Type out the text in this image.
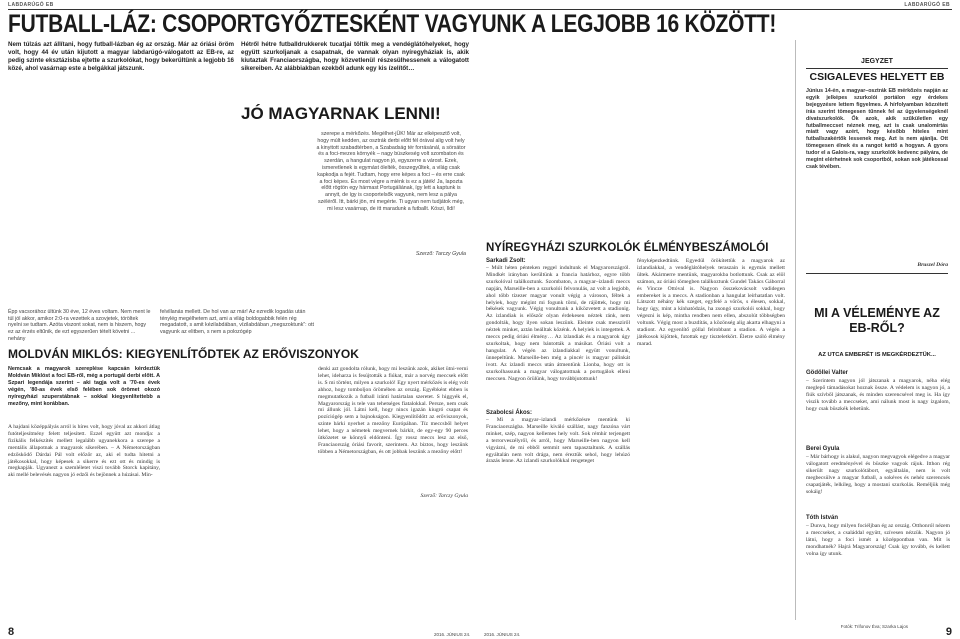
LABDARÚGÓ EB	LABDARÚGÓ EB
FUTBALL-LÁZ: CSOPORTGYŐZTESKÉNT VAGYUNK A LEGJOBB 16 KÖZÖTT!
Nem túlzás azt állítani, hogy futball-lázban ég az ország. Már az óriási öröm volt, hogy 44 év után kijutott a magyar labdarúgó-válogatott az EB-re, az pedig szinte eksztázisba ejtette a szurkolókat, hogy bekerültünk a legjobb 16 közé, ahol vasárnap este a belgákkal játszunk.
Hétről hétre futballdrukkerek tucatjai töltik meg a vendéglátóhelyeket, hogy együtt szurkoljanak a csapatnak, de vannak olyan nyíregyháziak is, akik kiutaztak Franciaországba, hogy közvetlenül részesülhessenek a válogatott sikereiben. Az alábbiakban ezekből adunk egy kis ízelítőt…
JÓ MAGYARNAK LENNI!
szerepe a mérkőzés. Megélhet-jÜK! Már az elképesztő volt, hogy múlt kedden, az osztrák derbi előtt fél órával alig volt hely a kinyitott szabadtérben, a Szabadság tér forrásánál, a sörsátor és a foci-mezes környék – nagy büszkeség volt szombaton és szerdán, a hangulat nagyon jó, egyszerre a várost. Ezek, ismeretlenek is egymást ölelték, összegyűltek, a világ csak kapkodja a fejét. Tudtam, hogy erre képes a foci – és erre csak a foci képes. És most végre a miénk is ez a játék! Ja, lapozta előtt rögtön egy hármast Portugáliának, így lett a kaptunk is annyit, de így is csoportelsők vagyunk, nem lesz a pálya széléről. Itt, bárki jön, mi megérte. Ti ugyan nem tudjátok még, mi lesz vasárnap, de itt maradunk a futballt. Köszi, Ildi!
Szerző: Tarczy Gyula
Épp vacsorához ültünk 30 éve, 12 éves voltam. Nem ment le túl jól akkor, amikor 2:0-ra vezettek a szovjetek, töröltek nyelni se tudtam. Azóta viszont sokat, nem is hiszem, hogy ez az érzés eltűnik, de ezt egyszerűen tételt követni ... nehány
felvillanás mellett. De hol van az már! Az ezredik logadás után ténylég megélhetem azt, ami a világ boldogabbik felén rég megadatott, s amit kézilabdában, vízilabdában „megszoktunk”: ott vagyunk az elitben, s nem a polozógép
MOLDVÁN MIKLÓS: KIEGYENLÍTŐDTEK AZ ERŐVISZONYOK
Nemcsak a magyarok szereplése kapcsán kérdeztük Moldván Miklóst a foci EB-ről, még a portugál derbi előtt. A Szpari legendája szerint – aki tagja volt a '70-es évek végén, '80-as évek első felében sok örömet okozó nyíregyházi szuperstábnak – sokkal kiegyenlítettebb a mezőny, mint korábban.
A hajdani középpályás arról is híres volt, hogy jóval az akkori átlag futóteljesítmény felett teljesített. Ezzel együtt azt mondja: a fizikális felkészítés mellett legalább ugyanekkora a szerepe a mentális állapotnak a magyarok sikerében. – A Németországban edzősködő Dárdai Pál volt előzőr az, aki el tudta hitetni a játékosokkal, hogy képesek a sikerre és ezt ott és mindig is megkapják. Ugyanezt a szemléletet viszi tovább Storck kapitány, aki mellé belevésés nagyon jó edzői és bejönnek a húzásai. Min-
denki azt gondolta rólunk, hogy mi leszünk azok, akiket ütni-verni lehet, ideharza is fesújtották a fiúkat, már a norvég meccsek előtt is. S mi történt, milyen a szurkoló! Egy nyert mérkőzés is elég volt ahhoz, hogy tomboljon örömében az ország. Egyébként ebben is megmutatkozik a futball iránti határtalan szeretet. S higgyék el, Magyarország is tele van tehetséges fiatalokkal. Persze, nem csak mi állunk jól. Látni kell, hogy nincs igazán kiugró csapat és pozíciógép sem a bajnokságon. Kiegyenlítődött az erőviszonyok, szinte bárki nyerhet a mezőny Európában. Tíz meccsből helyet lehet, hogy a németek megvernek bárkit, de egy-egy 90 perces ütközetet se könnyű eldönteni. Így rossz meccs lesz az első, Franciaország óriási favorit, szerintem. Az biztos, hogy leszünk többen a Németországban, és ott jobbak leszünk a mezőny előtt!
Szerző: Tarczy Gyula
NYÍREGYHÁZI SZURKOLÓK ÉLMÉNYBESZÁMOLÓI
Sarkadi Zsolt:
– Múlt héten pénteken reggel indultunk el Magyarországról. Mindkét irányban kerültünk a francia határhoz, egyre több szurkolóval találkoztunk. Szombaton, a magyar–izlandi meccs napján, Marseille-ben a szurkolói felvonulás, az volt a legjobb, ahol több tízezer magyar vonult végig a városon, féltek a helyiek, hogy mégint mi fogunk törni, de rájöttek, hogy mi békések vagyunk. Végig vonultunk a kiközvetett a stadionig. Az izlandiak is először olyan érdekesen néztek ránk, nem gondolták, hogy ilyen sokan leszünk. Eleinte csak messziről néztek minket, aztán beálltak közénk. A helyiek is integettek. A meccs pedig óriási élmény… Az izlandiak és a magyarok úgy szurkoltak, hogy nem bántották a másikat. Óriási volt a hangulat. A végén az izlandiakkal együtt vonultunk, ünnepeltünk. Marseille-ben még a pincér is magyar pálinkát ivott. Az izlandi meccs után átmentünk Lionba, hogy ott is szurkolhassunk a magyar válogatottnak a portugálok elleni meccsen. Nagyon örülünk, hogy továbbjutottunk!
Szabolcsi Ákos:
– Mi a magyar–izlandi mérkőzésre mentünk ki Franciaországba. Marseille kiváló szállást, nagy fanzóna várt minket, szép, nagyon kellemes hely volt. Sok rémhír terjengett a terrorveszélyről, és arról, hogy Marseille-ben nagyon kell vigyázni, de mi ebből semmit sem tapasztaltunk. A szállás egyáltalán nem volt drága, nem éreztük sehol, hogy lehúzó árazás lenne. Az izlandi szurkolókkal rengeteget
fényképezkedtünk. Egyedül örökítettük a magyarok az izlandiakkal, a vendéglátóhelyek teraszain is egymás mellett ültek. Akármerre mentünk, magyarokba botlottunk. Csak az elöl számon, az óriási tömegben találkoztunk Gundel Takács Gáborral és Vincze Ottóval is. Nagyon összekovácsolt vadidegen embereket is a meccs. A stadionban a hangulat leírhatatlan volt. Látszott néhány kék szeget, egyfelé a vörös, s élesen, sokkal, hogy úgy, mint a kínhatódzás, ha zsongó szurkolói sokkal, hogy végezni is kép, mintha rendben nem ellen, abszolút többségben voltunk. Végig most a buzdítás, a közönség alig akarta elhagyni a stadiont. Az egyenlítő góllal felrobbant a stadion. A végén a játékosok kijöttek, futottak egy tiszteletkört. Életre szóló élmény marad.
JEGYZET
CSIGALEVES HELYETT EB
Június 14-én, a magyar–osztrák EB mérkőzés napján az egyik jelképes szurkolói portálon egy érdekes bejegyzésre lettem figyelmes. A hírfolyamban közzétett írás szerint tömegesen tűnnek fel az ügyelenségeknél dívatszurkolók. Ők azok, akik szűkületlen egy futballmeccset néznek meg, azt is csak unalomirtás miatt vagy azért, hogy később hiteles mint futballszakértők lessenek meg. Azt is nem ajánlja. Ott tömegesen élnek és a rangot kettő a hogyan. A gyors tudor el a Galois-ra, vagy szurkolók kedvenc pályára, de megint elérhetnek sok csoportból, sokan sok játékossal csak tévében.
Bruszel Dóra
MI A VÉLEMÉNYE AZ EB-RŐL?
AZ UTCA EMBERÉT IS MEGKÉRDEZTÜK...
Gödöllei Valter
– Szerintem nagyon jól játszanak a magyarok, néha elég meglepő támadásokat hoznak össze. A védelem is nagyon jó, a fiúk szívből játszanak, és minden szerencsével meg is. Ha így viszik tovább a meccseket, ami nálunk most is nagy izgalom, hogy csak büszkék lehetünk.
Berei Gyula
– Már bárhogy is alakul, nagyon megvagyok elégedve a magyar válogatott eredményével és büszke vagyok rájuk. Itthon rég sikerült nagy szurkolótábort, egyáltalán, nem is volt megbecsülve a magyar futball, a sokéves és nehéz szerencsés csapatjáték, lelkileg, hogy a mostani szurkolás. Reméljük még sokáig!
Tóth István
– Dunva, hogy milyen fociéljban ég az ország. Otthonról nézem a meccseket, a családdal együtt, szívesen nézzük. Nagyon jó látni, hogy a foci ismét a középpontban van. Mit is mondhatnék? Hajrá Magyarország! Csak így tovább, és kellett volna így utunk.
Fotók: Trifonov Éva; Szarka Lajos
8	2016. JÚNIUS 24.	2016. JÚNIUS 24.	9
